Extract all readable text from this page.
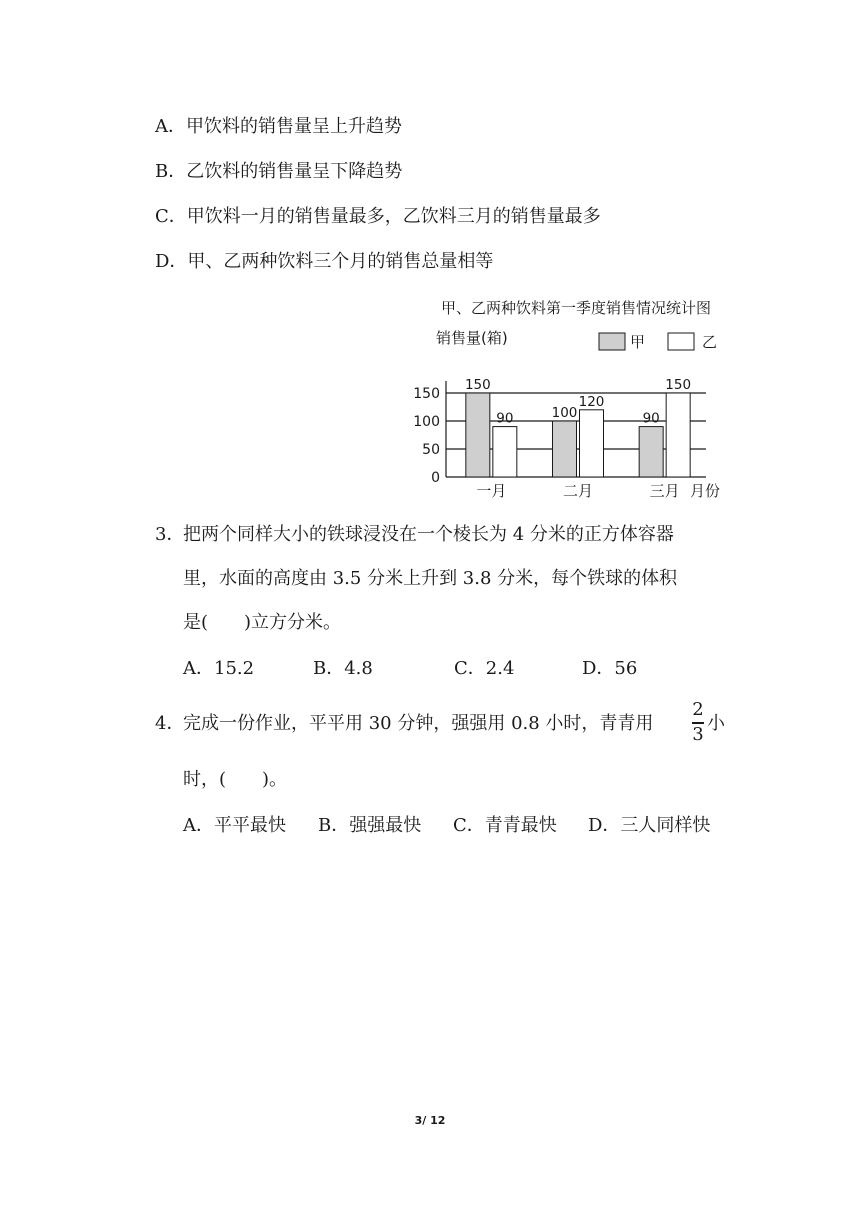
A．甲饮料的销售量呈上升趋势
B．乙饮料的销售量呈下降趋势
C．甲饮料一月的销售量最多，乙饮料三月的销售量最多
D．甲、乙两种饮料三个月的销售总量相等
甲、乙两种饮料第一季度销售情况统计图
销售量(箱)	甲	乙
0
50
100
150
150
90
一月
100
120
二月
90
150
三月 月份
3．
把两个同样大小的铁球浸没在一个棱长为 4 分米的正方体容器
里，水面的高度由 3.5 分米上升到 3.8 分米，每个铁球的体积
是(　　)立方分米。
A．15.2	B．4.8	C．2.4	D．56
4．
完成一份作业，平平用 30 分钟，强强用 0.8 小时，青青用
2
3
小
时，(　　)。
A．平平最快 B．强强最快 C．青青最快 D．三人同样快
3/ 12
